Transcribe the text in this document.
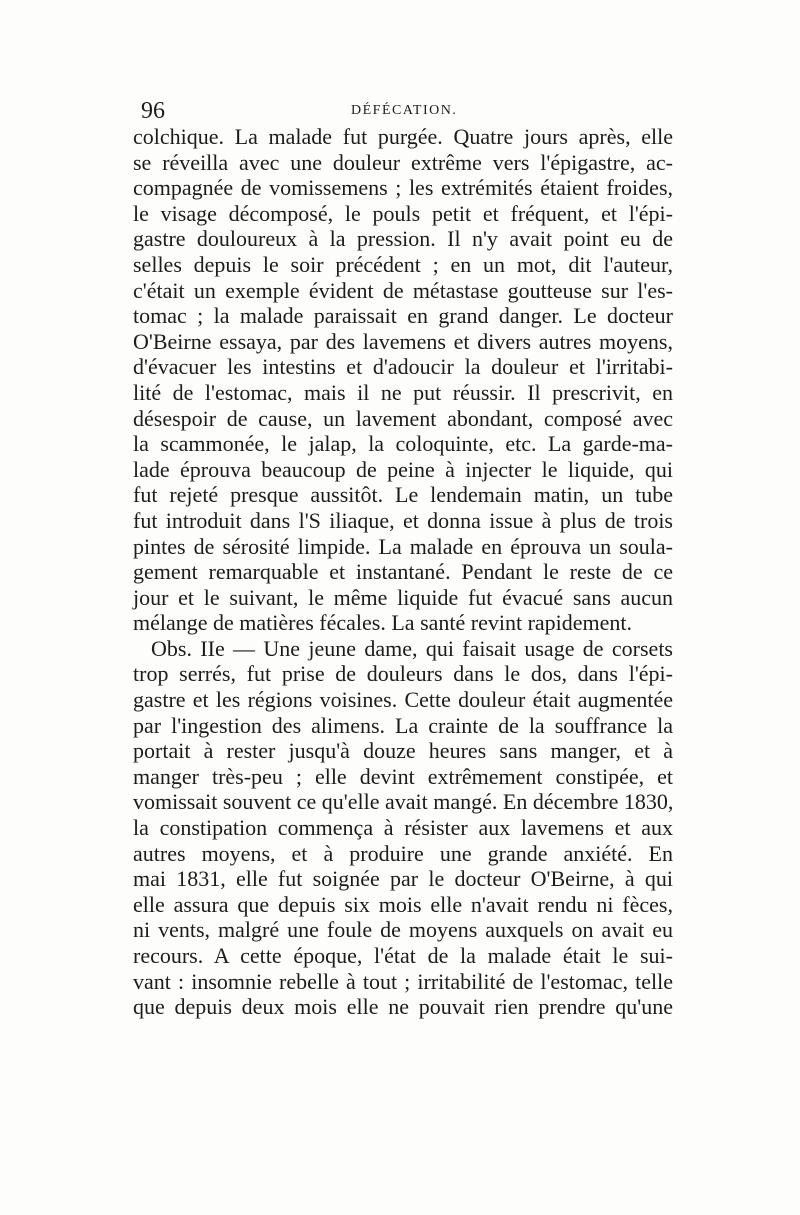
96	DÉFÉCATION.
colchique. La malade fut purgée. Quatre jours après, elle
se réveilla avec une douleur extrême vers l'épigastre, ac-
compagnée de vomissemens ; les extrémités étaient froides,
le visage décomposé, le pouls petit et fréquent, et l'épi-
gastre douloureux à la pression. Il n'y avait point eu de
selles depuis le soir précédent ; en un mot, dit l'auteur,
c'était un exemple évident de métastase goutteuse sur l'es-
tomac ; la malade paraissait en grand danger. Le docteur
O'Beirne essaya, par des lavemens et divers autres moyens,
d'évacuer les intestins et d'adoucir la douleur et l'irritabi-
lité de l'estomac, mais il ne put réussir. Il prescrivit, en
désespoir de cause, un lavement abondant, composé avec
la scammonée, le jalap, la coloquinte, etc. La garde-ma-
lade éprouva beaucoup de peine à injecter le liquide, qui
fut rejeté presque aussitôt. Le lendemain matin, un tube
fut introduit dans l'S iliaque, et donna issue à plus de trois
pintes de sérosité limpide. La malade en éprouva un soula-
gement remarquable et instantané. Pendant le reste de ce
jour et le suivant, le même liquide fut évacué sans aucun
mélange de matières fécales. La santé revint rapidement.
Obs. IIe — Une jeune dame, qui faisait usage de corsets
trop serrés, fut prise de douleurs dans le dos, dans l'épi-
gastre et les régions voisines. Cette douleur était augmentée
par l'ingestion des alimens. La crainte de la souffrance la
portait à rester jusqu'à douze heures sans manger, et à
manger très-peu ; elle devint extrêmement constipée, et
vomissait souvent ce qu'elle avait mangé. En décembre 1830,
la constipation commença à résister aux lavemens et aux
autres moyens, et à produire une grande anxiété. En
mai 1831, elle fut soignée par le docteur O'Beirne, à qui
elle assura que depuis six mois elle n'avait rendu ni fèces,
ni vents, malgré une foule de moyens auxquels on avait eu
recours. A cette époque, l'état de la malade était le sui-
vant : insomnie rebelle à tout ; irritabilité de l'estomac, telle
que depuis deux mois elle ne pouvait rien prendre qu'une
